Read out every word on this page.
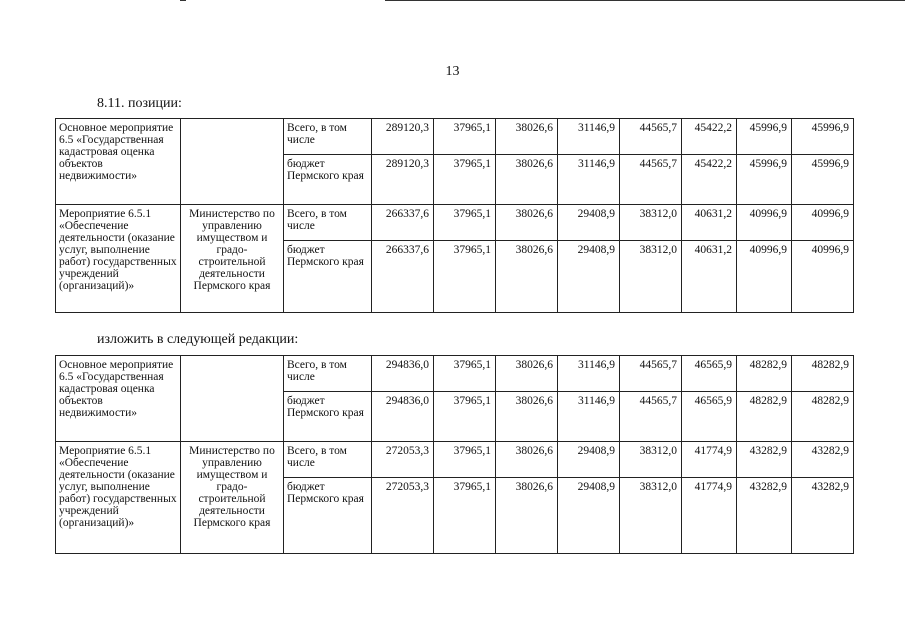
13
8.11. позиции:
Основное мероприятие 6.5 «Государственная кадастровая оценка объектов недвижимости»		Всего, в том числе	289120,3	37965,1	38026,6	31146,9	44565,7	45422,2	45996,9	45996,9
		бюджет Пермского края	289120,3	37965,1	38026,6	31146,9	44565,7	45422,2	45996,9	45996,9
Мероприятие 6.5.1 «Обеспечение деятельности (оказание услуг, выполнение работ) государственных учреждений (организаций)»	Министерство по управлению имуществом и градо-строительной деятельности Пермского края	Всего, в том числе	266337,6	37965,1	38026,6	29408,9	38312,0	40631,2	40996,9	40996,9
		бюджет Пермского края	266337,6	37965,1	38026,6	29408,9	38312,0	40631,2	40996,9	40996,9
изложить в следующей редакции:
Основное мероприятие 6.5 «Государственная кадастровая оценка объектов недвижимости»		Всего, в том числе	294836,0	37965,1	38026,6	31146,9	44565,7	46565,9	48282,9	48282,9
		бюджет Пермского края	294836,0	37965,1	38026,6	31146,9	44565,7	46565,9	48282,9	48282,9
Мероприятие 6.5.1 «Обеспечение деятельности (оказание услуг, выполнение работ) государственных учреждений (организаций)»	Министерство по управлению имуществом и градо-строительной деятельности Пермского края	Всего, в том числе	272053,3	37965,1	38026,6	29408,9	38312,0	41774,9	43282,9	43282,9
		бюджет Пермского края	272053,3	37965,1	38026,6	29408,9	38312,0	41774,9	43282,9	43282,9
